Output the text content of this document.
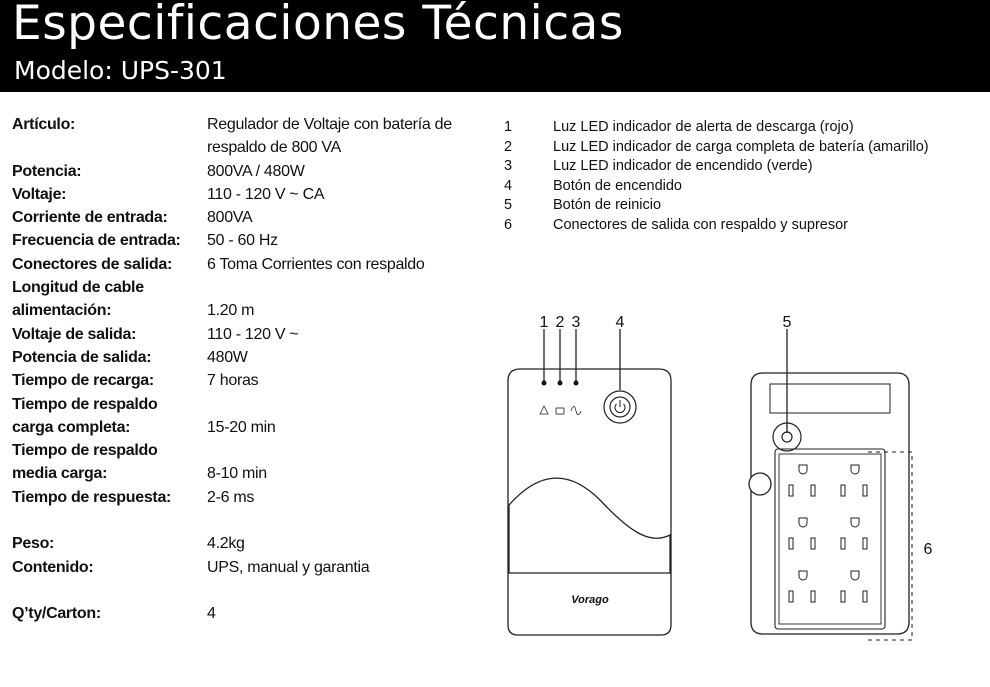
Especificaciones Técnicas
Modelo: UPS-301
Artículo:	Regulador de Voltaje con batería de
respaldo de 800 VA
Potencia:	800VA / 480W
Voltaje:	110 - 120 V ~ CA
Corriente de entrada:	800VA
Frecuencia de entrada:	50 - 60 Hz
Conectores de salida:	6 Toma Corrientes con respaldo
Longitud de cable
alimentación:
	1.20 m
Voltaje de salida:	110 - 120 V ~
Potencia de salida:	480W
Tiempo de recarga:	7 horas
Tiempo de respaldo
carga completa:
	15-20 min
Tiempo de respaldo
media carga:
	8-10 min
Tiempo de respuesta:	2-6 ms
Peso:	4.2kg
Contenido:	UPS, manual y garantia
Q’ty/Carton:	4
1	Luz LED indicador de alerta de descarga (rojo)
2	Luz LED indicador de carga completa de batería (amarillo)
3	Luz LED indicador de encendido (verde)
4	Botón de encendido
5	Botón de reinicio
6	Conectores de salida con respaldo y supresor
Vorago
1 2 3 4	5
6
